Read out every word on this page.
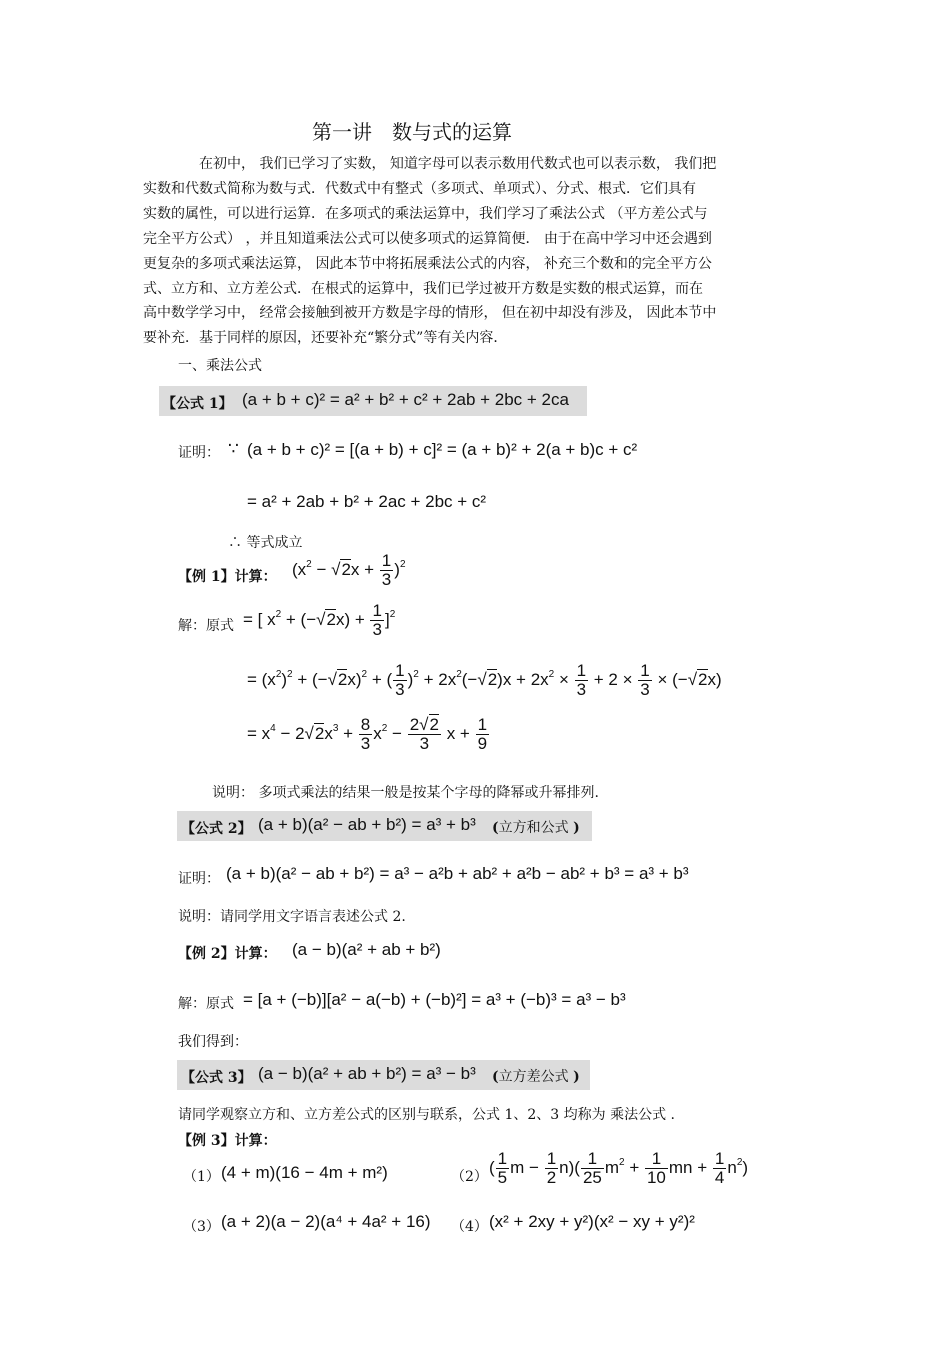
第一讲　数与式的运算
　　　　在初中， 我们已学习了实数， 知道字母可以表示数用代数式也可以表示数， 我们把
实数和代数式简称为数与式．代数式中有整式（多项式、单项式）、分式、根式．它们具有
实数的属性，可以进行运算．在多项式的乘法运算中，我们学习了乘法公式 （平方差公式与
完全平方公式） ，并且知道乘法公式可以使多项式的运算简便． 由于在高中学习中还会遇到
更复杂的多项式乘法运算， 因此本节中将拓展乘法公式的内容， 补充三个数和的完全平方公
式、立方和、立方差公式．在根式的运算中，我们已学过被开方数是实数的根式运算，而在
高中数学学习中， 经常会接触到被开方数是字母的情形， 但在初中却没有涉及， 因此本节中
要补充．基于同样的原因，还要补充“繁分式”等有关内容．
一、乘法公式
【公式 1】 (a + b + c)² = a² + b² + c² + 2ab + 2bc + 2ca
证明： ∵ (a + b + c)² = [(a + b) + c]² = (a + b)² + 2(a + b)c + c²
= a² + 2ab + b² + 2ac + 2bc + c²
∴ 等式成立
【例 1】计算： $(x^2 - √2x + \frac{1}{3} )^2$
解：原式 = [ $x^2 + (-√2x) + \frac{1}{3} ]^2$
= $(x^2)^2 + (-√2x)^2$ + ( $\frac{1}{3} )^2 + 2x^2(-√2)x + 2x^2 \times \frac{1}{3} + 2 \times \frac{1}{3} \times (-√2x)$
= $x^4 - 2√2x^3 + \frac{8}{3} x^2 - \frac{2√2}{3}$ $x + \frac{1}{9}$
说明： 多项式乘法的结果一般是按某个字母的降幂或升幂排列.
【公式 2】 (a + b)(a² − ab + b²) = a³ + b³ (立方和公式 )
证明： (a + b)(a² − ab + b²) = a³ − a²b + ab² + a²b − ab² + b³ = a³ + b³
说明：请同学用文字语言表述公式 2.
【例 2】计算： (a − b)(a² + ab + b²)
解：原式 = [a + (−b)][a² − a(−b) + (−b)²] = a³ + (−b)³ = a³ − b³
我们得到：
【公式 3】 (a − b)(a² + ab + b²) = a³ − b³ (立方差公式 )
请同学观察立方和、立方差公式的区别与联系，公式 1、2、3 均称为 乘法公式 .
【例 3】计算：
（1） (4 + m)(16 − 4m + m²)	（2）
( $\frac{1}{5}$ $m - \frac{1}{2} n)( \frac{1}{25} m^2 + \frac{1}{10}$ mn + $\frac{1}{4} n^2$)
（3） (a + 2)(a − 2)(a⁴ + 4a² + 16) （4） (x² + 2xy + y²)(x² − xy + y²)²
